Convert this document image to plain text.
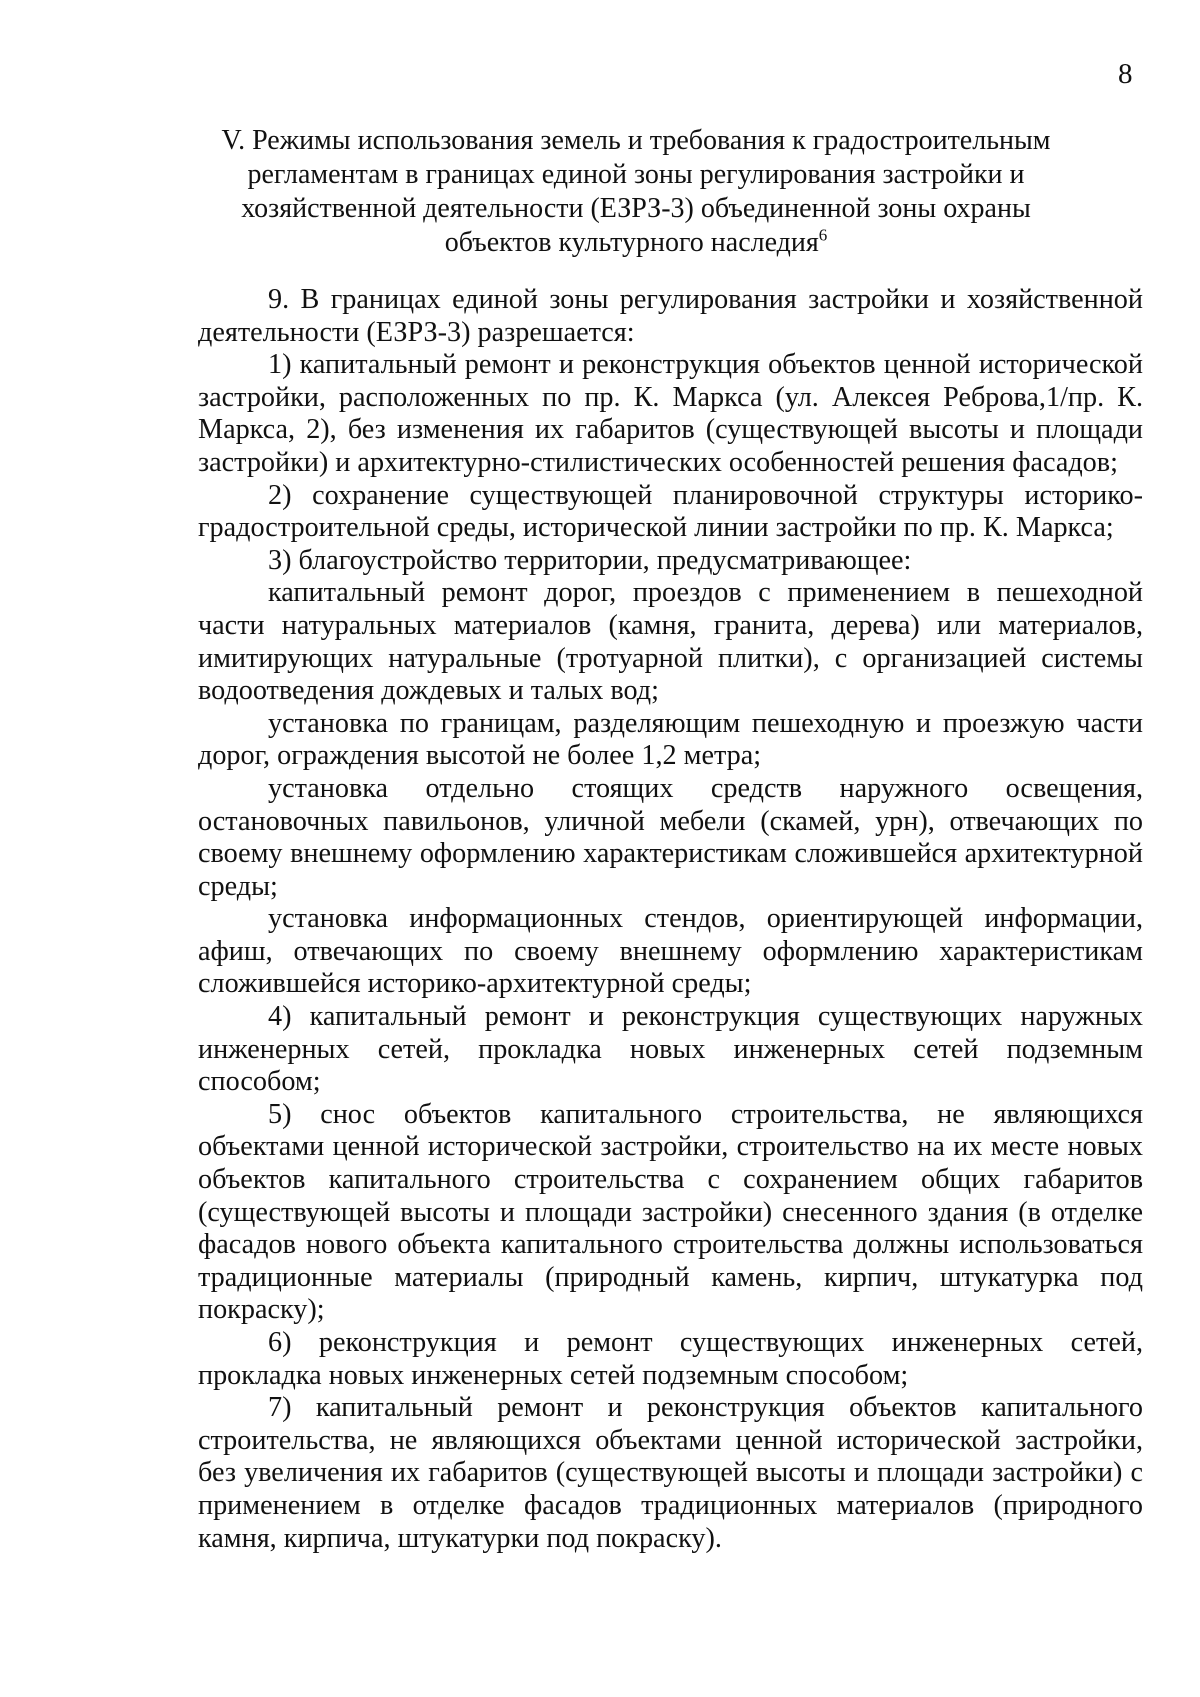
8
V. Режимы использования земель и требования к градостроительным регламентам в границах единой зоны регулирования застройки и хозяйственной деятельности (ЕЗРЗ-3) объединенной зоны охраны объектов культурного наследия$^6$

9. В границах единой зоны регулирования застройки и хозяйственной деятельности (ЕЗРЗ-3) разрешается:

1) капитальный ремонт и реконструкция объектов ценной исторической застройки, расположенных по пр. К. Маркса (ул. Алексея Реброва,1/пр. К. Маркса, 2), без изменения их габаритов (существующей высоты и площади застройки) и архитектурно-стилистических особенностей решения фасадов;

2) сохранение существующей планировочной структуры историко-градостроительной среды, исторической линии застройки по пр. К. Маркса;

3) благоустройство территории, предусматривающее:

капитальный ремонт дорог, проездов с применением в пешеходной части натуральных материалов (камня, гранита, дерева) или материалов, имитирующих натуральные (тротуарной плитки), с организацией системы водоотведения дождевых и талых вод;

установка по границам, разделяющим пешеходную и проезжую части дорог, ограждения высотой не более 1,2 метра;

установка отдельно стоящих средств наружного освещения, остановочных павильонов, уличной мебели (скамей, урн), отвечающих по своему внешнему оформлению характеристикам сложившейся архитектурной среды;

установка информационных стендов, ориентирующей информации, афиш, отвечающих по своему внешнему оформлению характеристикам сложившейся историко-архитектурной среды;

4) капитальный ремонт и реконструкция существующих наружных инженерных сетей, прокладка новых инженерных сетей подземным способом;

5) снос объектов капитального строительства, не являющихся объектами ценной исторической застройки, строительство на их месте новых объектов капитального строительства с сохранением общих габаритов (существующей высоты и площади застройки) снесенного здания (в отделке фасадов нового объекта капитального строительства должны использоваться традиционные материалы (природный камень, кирпич, штукатурка под покраску);

6) реконструкция и ремонт существующих инженерных сетей, прокладка новых инженерных сетей подземным способом;

7) капитальный ремонт и реконструкция объектов капитального строительства, не являющихся объектами ценной исторической застройки, без увеличения их габаритов (существующей высоты и площади застройки) с применением в отделке фасадов традиционных материалов (природного камня, кирпича, штукатурки под покраску).
